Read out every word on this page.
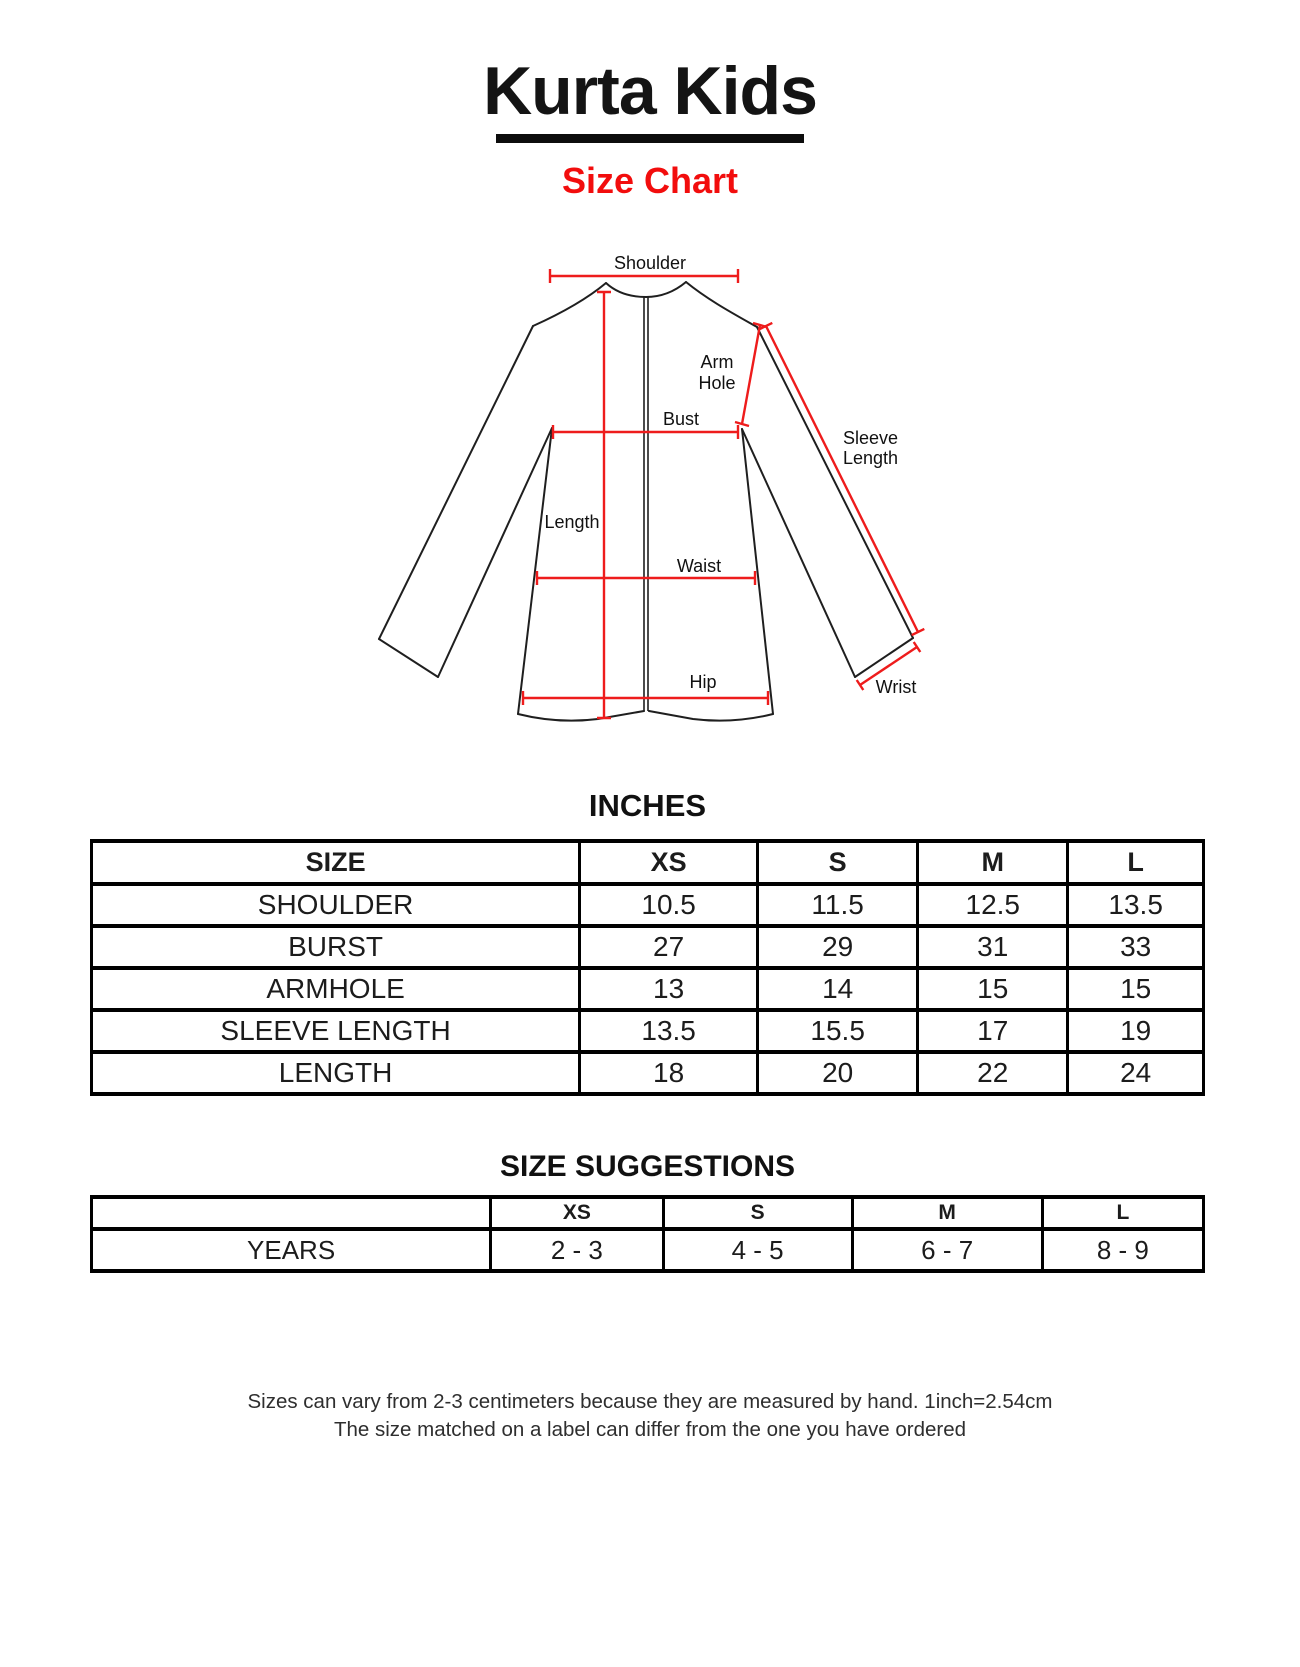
Kurta Kids
Size Chart
Shoulder
Arm
Hole
Bust
Sleeve
Length
Length
Waist
Hip	Wrist
INCHES
SIZE	XS	S	M	L
SHOULDER	10.5	11.5	12.5	13.5
BURST	27	29	31	33
ARMHOLE	13	14	15	15
SLEEVE LENGTH	13.5	15.5	17	19
LENGTH	18	20	22	24
SIZE SUGGESTIONS
	XS	S	M	L
YEARS	2 - 3	4 - 5	6 - 7	8 - 9
Sizes can vary from 2-3 centimeters because they are measured by hand. 1inch=2.54cm
The size matched on a label can differ from the one you have ordered
